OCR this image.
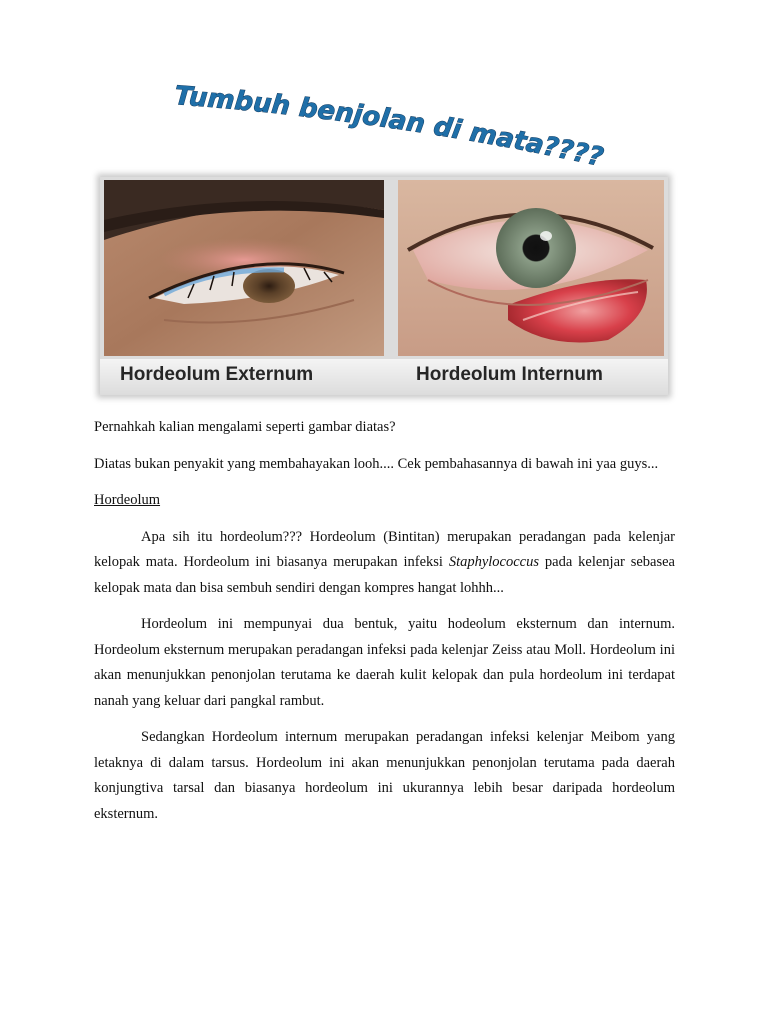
Tumbuh benjolan di mata???? Jangan takut!!! Yuu cek
Hordeolum Externum	Hordeolum Internum

Pernahkah kalian mengalami seperti gambar diatas?

Diatas bukan penyakit yang membahayakan looh.... Cek pembahasannya di bawah ini yaa guys...

Hordeolum

Apa sih itu hordeolum??? Hordeolum (Bintitan) merupakan peradangan pada kelenjar kelopak mata. Hordeolum ini biasanya merupakan infeksi Staphylococcus pada kelenjar sebasea kelopak mata dan bisa sembuh sendiri dengan kompres hangat lohhh...

Hordeolum ini mempunyai dua bentuk, yaitu hodeolum eksternum dan internum. Hordeolum eksternum merupakan peradangan infeksi pada kelenjar Zeiss atau Moll. Hordeolum ini akan menunjukkan penonjolan terutama ke daerah kulit kelopak dan pula hordeolum ini terdapat nanah yang keluar dari pangkal rambut.

Sedangkan Hordeolum internum merupakan peradangan infeksi kelenjar Meibom yang letaknya di dalam tarsus. Hordeolum ini akan menunjukkan penonjolan terutama pada daerah konjungtiva tarsal dan biasanya hordeolum ini ukurannya lebih besar daripada hordeolum eksternum.
